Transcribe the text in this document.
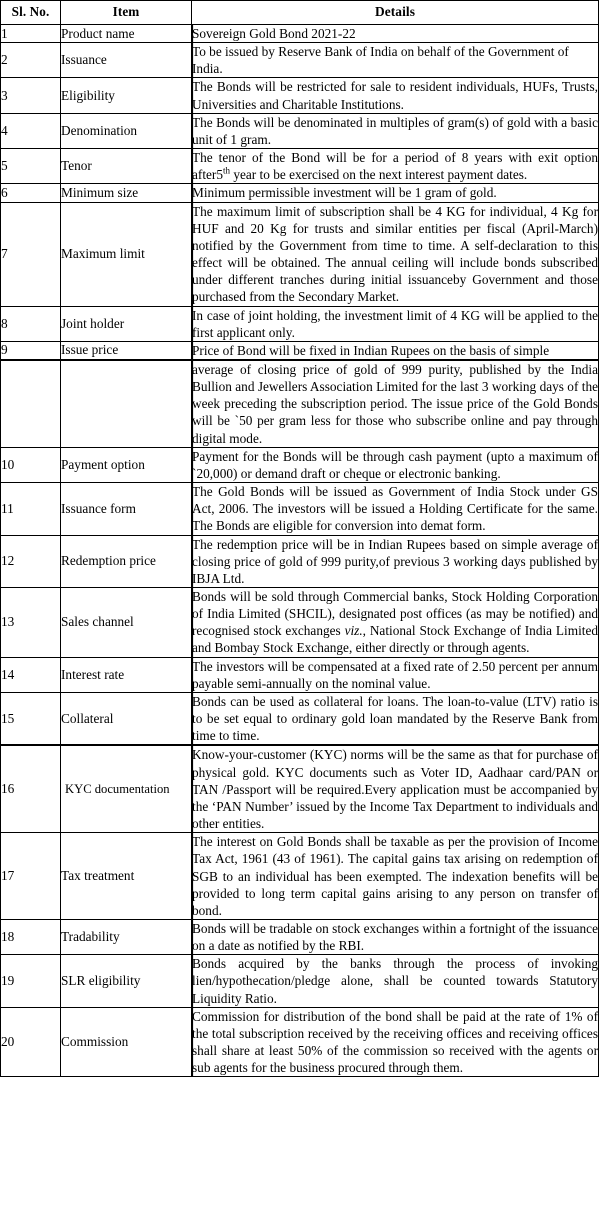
Sl. No.	Item	Details
1	Product name	Sovereign Gold Bond 2021-22
2	Issuance	To be issued by Reserve Bank of India on behalf of the Government of India.
3	Eligibility	The Bonds will be restricted for sale to resident individuals, HUFs, Trusts, Universities and Charitable Institutions.
4	Denomination	The Bonds will be denominated in multiples of gram(s) of gold with a basic unit of 1 gram.
5	Tenor	The tenor of the Bond will be for a period of 8 years with exit option after5th year to be exercised on the next interest payment dates.
6	Minimum size	Minimum permissible investment will be 1 gram of gold.
7	Maximum limit	The maximum limit of subscription shall be 4 KG for individual, 4 Kg for HUF and 20 Kg for trusts and similar entities per fiscal (April-March) notified by the Government from time to time. A self-declaration to this effect will be obtained. The annual ceiling will include bonds subscribed under different tranches during initial issuanceby Government and those purchased from the Secondary Market.
8	Joint holder	In case of joint holding, the investment limit of 4 KG will be applied to the first applicant only.
9	Issue price	Price of Bond will be fixed in Indian Rupees on the basis of simple
		average of closing price of gold of 999 purity, published by the India Bullion and Jewellers Association Limited for the last 3 working days of the week preceding the subscription period. The issue price of the Gold Bonds will be `50 per gram less for those who subscribe online and pay through digital mode.
10	Payment option	Payment for the Bonds will be through cash payment (upto a maximum of `20,000) or demand draft or cheque or electronic banking.
11	Issuance form	The Gold Bonds will be issued as Government of India Stock under GS Act, 2006. The investors will be issued a Holding Certificate for the same. The Bonds are eligible for conversion into demat form.
12	Redemption price	The redemption price will be in Indian Rupees based on simple average of closing price of gold of 999 purity,of previous 3 working days published by IBJA Ltd.
13	Sales channel	Bonds will be sold through Commercial banks, Stock Holding Corporation of India Limited (SHCIL), designated post offices (as may be notified) and recognised stock exchanges viz., National Stock Exchange of India Limited and Bombay Stock Exchange, either directly or through agents.
14	Interest rate	The investors will be compensated at a fixed rate of 2.50 percent per annum payable semi-annually on the nominal value.
15	Collateral	Bonds can be used as collateral for loans. The loan-to-value (LTV) ratio is to be set equal to ordinary gold loan mandated by the Reserve Bank from time to time.
16	KYC documentation	Know-your-customer (KYC) norms will be the same as that for purchase of physical gold. KYC documents such as Voter ID, Aadhaar card/PAN or TAN /Passport will be required.Every application must be accompanied by the ‘PAN Number’ issued by the Income Tax Department to individuals and other entities.
17	Tax treatment	The interest on Gold Bonds shall be taxable as per the provision of Income Tax Act, 1961 (43 of 1961). The capital gains tax arising on redemption of SGB to an individual has been exempted. The indexation benefits will be provided to long term capital gains arising to any person on transfer of bond.
18	Tradability	Bonds will be tradable on stock exchanges within a fortnight of the issuance on a date as notified by the RBI.
19	SLR eligibility	Bonds acquired by the banks through the process of invoking lien/hypothecation/pledge alone, shall be counted towards Statutory Liquidity Ratio.
20	Commission	Commission for distribution of the bond shall be paid at the rate of 1% of the total subscription received by the receiving offices and receiving offices shall share at least 50% of the commission so received with the agents or sub agents for the business procured through them.
